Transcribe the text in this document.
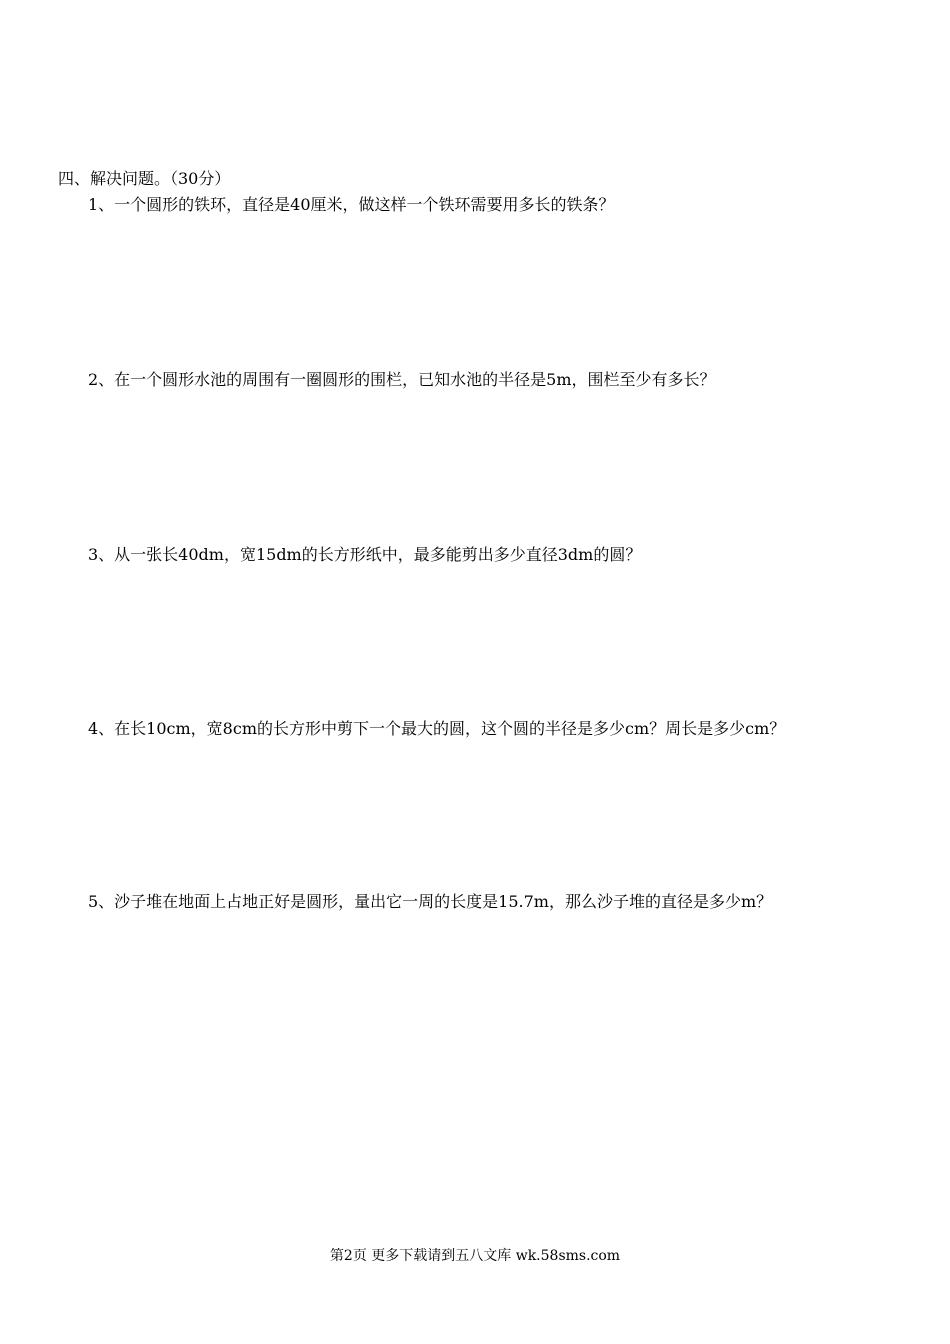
四、解决问题。（30分）
1、一个圆形的铁环，直径是40厘米，做这样一个铁环需要用多长的铁条？
2、在一个圆形水池的周围有一圈圆形的围栏，已知水池的半径是5m，围栏至少有多长？
3、从一张长40dm，宽15dm的长方形纸中，最多能剪出多少直径3dm的圆？
4、在长10cm，宽8cm的长方形中剪下一个最大的圆，这个圆的半径是多少cm？周长是多少cm？
5、沙子堆在地面上占地正好是圆形，量出它一周的长度是15.7m，那么沙子堆的直径是多少m？
第2页 更多下载请到五八文库 wk.58sms.com
